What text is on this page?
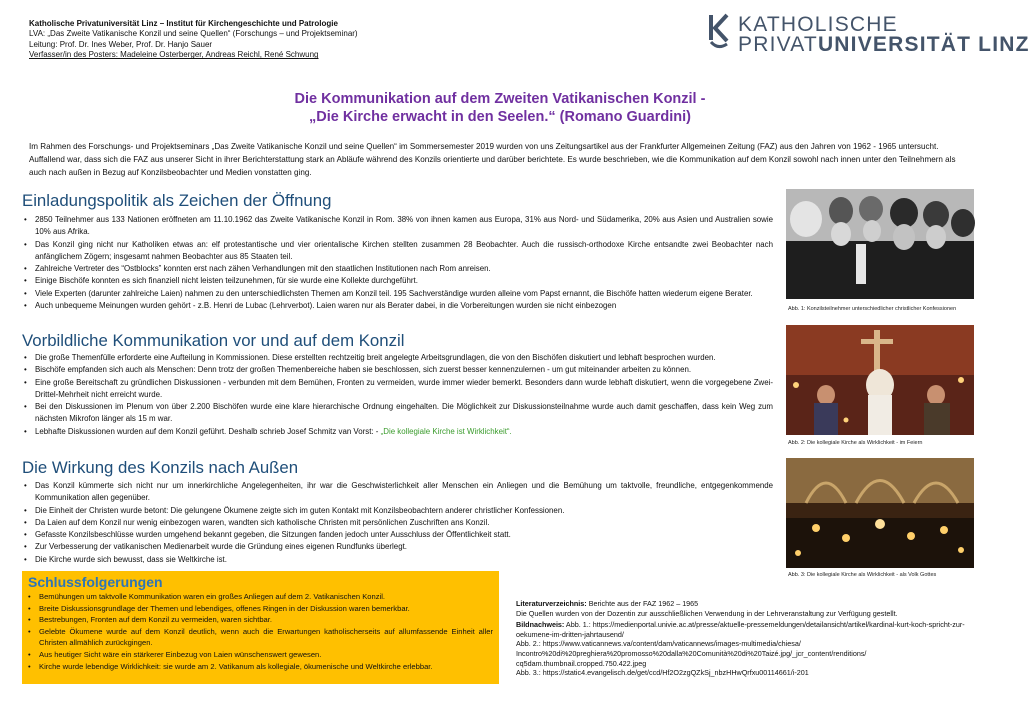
Katholische Privatuniversität Linz – Institut für Kirchengeschichte und Patrologie
LVA: „Das Zweite Vatikanische Konzil und seine Quellen“ (Forschungs – und Projektseminar)
Leitung: Prof. Dr. Ines Weber, Prof. Dr. Hanjo Sauer
Verfasser/in des Posters: Madeleine Osterberger, Andreas Reichl, René Schwung
KATHOLISCHE
PRIVATUNIVERSITÄT LINZ
Die Kommunikation auf dem Zweiten Vatikanischen Konzil -
„Die Kirche erwacht in den Seelen.“ (Romano Guardini)
Im Rahmen des Forschungs- und Projektseminars „Das Zweite Vatikanische Konzil und seine Quellen“ im Sommersemester 2019 wurden von uns Zeitungsartikel aus der Frankfurter Allgemeinen Zeitung (FAZ) aus den Jahren von 1962 - 1965 untersucht. Auffallend war, dass sich die FAZ aus unserer Sicht in ihrer Berichterstattung stark an Abläufe während des Konzils orientierte und darüber berichtete. Es wurde beschrieben, wie die Kommunikation auf dem Konzil sowohl nach innen unter den Teilnehmern als auch nach außen in Bezug auf Konzilsbeobachter und Medien vonstatten ging.
Einladungspolitik als Zeichen der Öffnung
• 2850 Teilnehmer aus 133 Nationen eröffneten am 11.10.1962 das Zweite Vatikanische Konzil in Rom. 38% von ihnen kamen aus Europa, 31% aus Nord- und Südamerika, 20% aus Asien und Australien sowie 10% aus Afrika.
• Das Konzil ging nicht nur Katholiken etwas an: elf protestantische und vier orientalische Kirchen stellten zusammen 28 Beobachter. Auch die russisch-orthodoxe Kirche entsandte zwei Beobachter nach anfänglichem Zögern; insgesamt nahmen Beobachter aus 85 Staaten teil.
• Zahlreiche Vertreter des “Ostblocks” konnten erst nach zähen Verhandlungen mit den staatlichen Institutionen nach Rom anreisen.
• Einige Bischöfe konnten es sich finanziell nicht leisten teilzunehmen, für sie wurde eine Kollekte durchgeführt.
• Viele Experten (darunter zahlreiche Laien) nahmen zu den unterschiedlichsten Themen am Konzil teil. 195 Sachverständige wurden alleine vom Papst ernannt, die Bischöfe hatten wiederum eigene Berater.
• Auch unbequeme Meinungen wurden gehört - z.B. Henri de Lubac (Lehrverbot). Laien waren nur als Berater dabei, in die Vorbereitungen wurden sie nicht einbezogen
Vorbildliche Kommunikation vor und auf dem Konzil
• Die große Themenfülle erforderte eine Aufteilung in Kommissionen. Diese erstellten rechtzeitig breit angelegte Arbeitsgrundlagen, die von den Bischöfen diskutiert und lebhaft besprochen wurden.
• Bischöfe empfanden sich auch als Menschen: Denn trotz der großen Themenbereiche haben sie beschlossen, sich zuerst besser kennenzulernen - um gut miteinander arbeiten zu können.
• Eine große Bereitschaft zu gründlichen Diskussionen - verbunden mit dem Bemühen, Fronten zu vermeiden, wurde immer wieder bemerkt. Besonders dann wurde lebhaft diskutiert, wenn die vorgegebene Zwei-Drittel-Mehrheit nicht erreicht wurde.
• Bei den Diskussionen im Plenum von über 2.200 Bischöfen wurde eine klare hierarchische Ordnung eingehalten. Die Möglichkeit zur Diskussionsteilnahme wurde auch damit geschaffen, dass kein Weg zum nächsten Mikrofon länger als 15 m war.
• Lebhafte Diskussionen wurden auf dem Konzil geführt. Deshalb schrieb Josef Schmitz van Vorst: - „Die kollegiale Kirche ist Wirklichkeit“.
Die Wirkung des Konzils nach Außen
• Das Konzil kümmerte sich nicht nur um innerkirchliche Angelegenheiten, ihr war die Geschwisterlichkeit aller Menschen ein Anliegen und die Bemühung um taktvolle, freundliche, entgegenkommende Kommunikation allen gegenüber.
• Die Einheit der Christen wurde betont: Die gelungene Ökumene zeigte sich im guten Kontakt mit Konzilsbeobachtern anderer christlicher Konfessionen.
• Da Laien auf dem Konzil nur wenig einbezogen waren, wandten sich katholische Christen mit persönlichen Zuschriften ans Konzil.
• Gefasste Konzilsbeschlüsse wurden umgehend bekannt gegeben, die Sitzungen fanden jedoch unter Ausschluss der Öffentlichkeit statt.
• Zur Verbesserung der vatikanischen Medienarbeit wurde die Gründung eines eigenen Rundfunks überlegt.
• Die Kirche wurde sich bewusst, dass sie Weltkirche ist.
Abb. 1: Konzilsteilnehmer unterschiedlicher christlicher Konfessionen
Abb. 2: Die kollegiale Kirche als Wirklichkeit - im Feiern
Abb. 3: Die kollegiale Kirche als Wirklichkeit - als Volk Gottes
Schlussfolgerungen
• Bemühungen um taktvolle Kommunikation waren ein großes Anliegen auf dem 2. Vatikanischen Konzil.
• Breite Diskussionsgrundlage der Themen und lebendiges, offenes Ringen in der Diskussion waren bemerkbar.
• Bestrebungen, Fronten auf dem Konzil zu vermeiden, waren sichtbar.
• Gelebte Ökumene wurde auf dem Konzil deutlich, wenn auch die Erwartungen katholischerseits auf allumfassende Einheit aller Christen allmählich zurückgingen.
• Aus heutiger Sicht wäre ein stärkerer Einbezug von Laien wünschenswert gewesen.
• Kirche wurde lebendige Wirklichkeit: sie wurde am 2. Vatikanum als kollegiale, ökumenische und Weltkirche erlebbar.
Literaturverzeichnis: Berichte aus der FAZ 1962 – 1965
Die Quellen wurden von der Dozentin zur ausschließlichen Verwendung in der Lehrveranstaltung zur Verfügung gestellt.
Bildnachweis: Abb. 1.: https://medienportal.univie.ac.at/presse/aktuelle-pressemeldungen/detailansicht/artikel/kardinal-kurt-koch-spricht-zur-oekumene-im-dritten-jahrtausend/
Abb. 2.: https://www.vaticannews.va/content/dam/vaticannews/images-multimedia/chiesa/ Incontro%20di%20preghiera%20promosso%20dalla%20Comunità%20di%20Taizé.jpg/_jcr_content/renditions/ cq5dam.thumbnail.cropped.750.422.jpeg
Abb. 3.: https://static4.evangelisch.de/get/ccd/Hf2O2zgQZkSj_nbzHHwQrfxu00114661/i-201
